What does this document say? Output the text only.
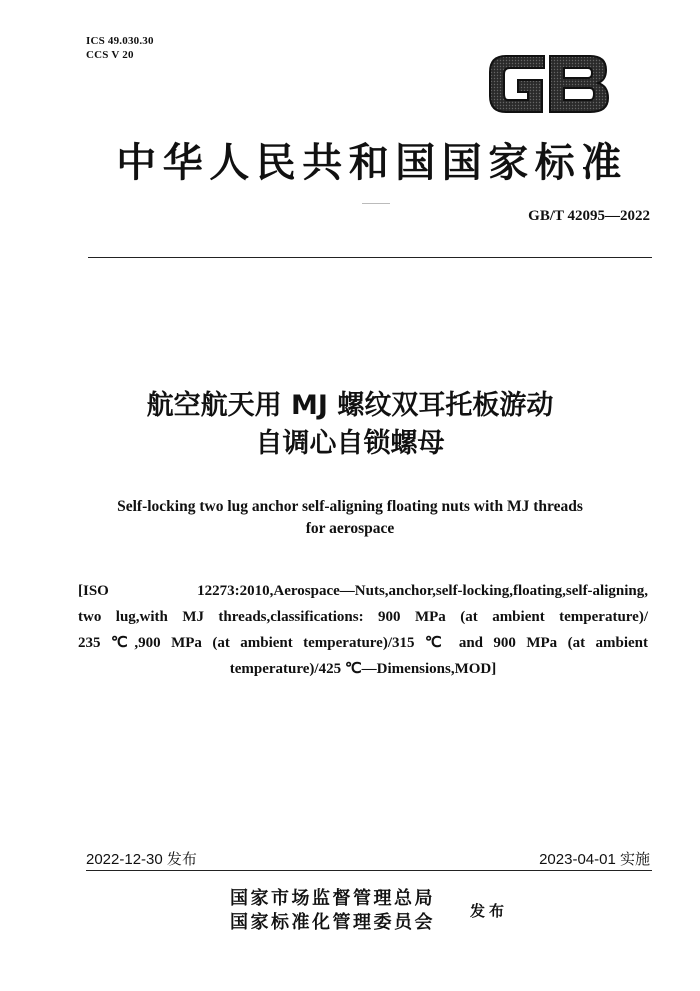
ICS 49.030.30
CCS V 20
GB
中华人民共和国国家标准
GB/T 42095—2022
航空航天用 MJ 螺纹双耳托板游动
自调心自锁螺母
Self-locking two lug anchor self-aligning floating nuts with MJ threads
for aerospace
[ISO 12273:2010,Aerospace—Nuts,anchor,self-locking,floating,self-aligning,
two lug,with MJ threads,classifications: 900 MPa (at ambient temperature)/
235 ℃,900 MPa (at ambient temperature)/315 ℃ and 900 MPa (at ambient
temperature)/425 ℃—Dimensions,MOD]
2022-12-30 发布	2023-04-01 实施
国家市场监督管理总局
国家标准化管理委员会
发布
